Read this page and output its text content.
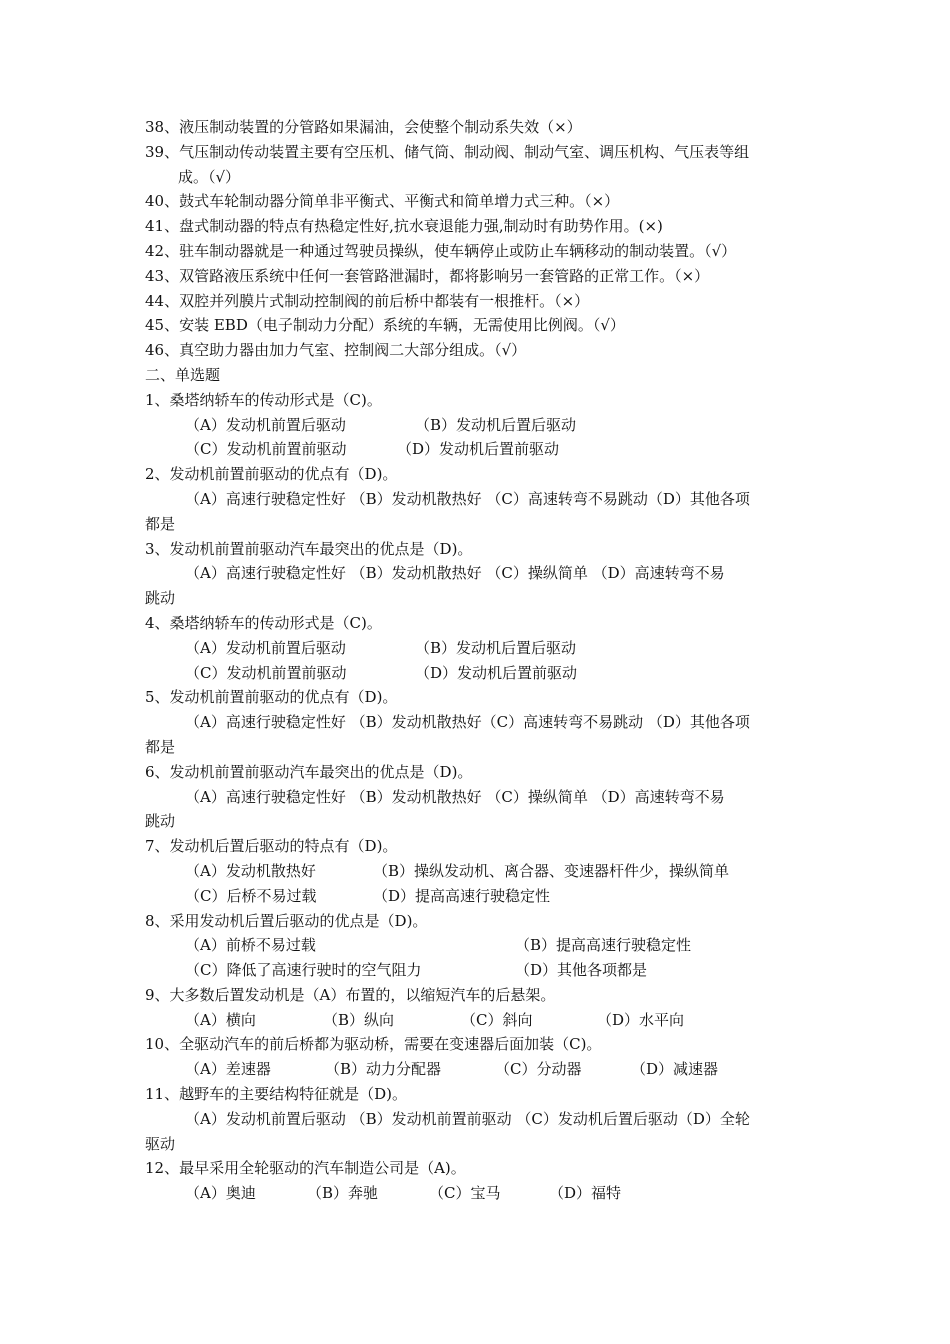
38、液压制动装置的分管路如果漏油，会使整个制动系失效（×）
39、气压制动传动装置主要有空压机、储气筒、制动阀、制动气室、调压机构、气压表等组
成。（√）
40、鼓式车轮制动器分简单非平衡式、平衡式和简单增力式三种。（×）
41、盘式制动器的特点有热稳定性好,抗水衰退能力强,制动时有助势作用。(×)
42、驻车制动器就是一种通过驾驶员操纵，使车辆停止或防止车辆移动的制动装置。（√）
43、双管路液压系统中任何一套管路泄漏时，都将影响另一套管路的正常工作。（×）
44、双腔并列膜片式制动控制阀的前后桥中都装有一根推杆。（×）
45、安装 EBD（电子制动力分配）系统的车辆，无需使用比例阀。（√）
46、真空助力器由加力气室、控制阀二大部分组成。（√）
二、单选题
1、桑塔纳轿车的传动形式是（C)。
（A）发动机前置后驱动	（B）发动机后置后驱动
（C）发动机前置前驱动	（D）发动机后置前驱动
2、发动机前置前驱动的优点有（D)。
（A）高速行驶稳定性好 （B）发动机散热好 （C）高速转弯不易跳动（D）其他各项
都是
3、发动机前置前驱动汽车最突出的优点是（D)。
（A）高速行驶稳定性好 （B）发动机散热好 （C）操纵简单 （D）高速转弯不易
跳动
4、桑塔纳轿车的传动形式是（C)。
（A）发动机前置后驱动	（B）发动机后置后驱动
（C）发动机前置前驱动	（D）发动机后置前驱动
5、发动机前置前驱动的优点有（D)。
（A）高速行驶稳定性好 （B）发动机散热好（C）高速转弯不易跳动 （D）其他各项
都是
6、发动机前置前驱动汽车最突出的优点是（D)。
（A）高速行驶稳定性好 （B）发动机散热好 （C）操纵简单 （D）高速转弯不易
跳动
7、发动机后置后驱动的特点有（D)。
（A）发动机散热好	（B）操纵发动机、离合器、变速器杆件少，操纵简单
（C）后桥不易过载	（D）提高高速行驶稳定性
8、采用发动机后置后驱动的优点是（D)。
（A）前桥不易过载	（B）提高高速行驶稳定性
（C）降低了高速行驶时的空气阻力	（D）其他各项都是
9、大多数后置发动机是（A）布置的，以缩短汽车的后悬架。
（A）横向	（B）纵向	（C）斜向	（D）水平向
10、全驱动汽车的前后桥都为驱动桥，需要在变速器后面加装（C)。
（A）差速器	（B）动力分配器	（C）分动器	（D）减速器
11、越野车的主要结构特征就是（D)。
（A）发动机前置后驱动 （B）发动机前置前驱动 （C）发动机后置后驱动（D）全轮
驱动
12、最早采用全轮驱动的汽车制造公司是（A)。
（A）奥迪	（B）奔驰	（C）宝马	（D）福特
